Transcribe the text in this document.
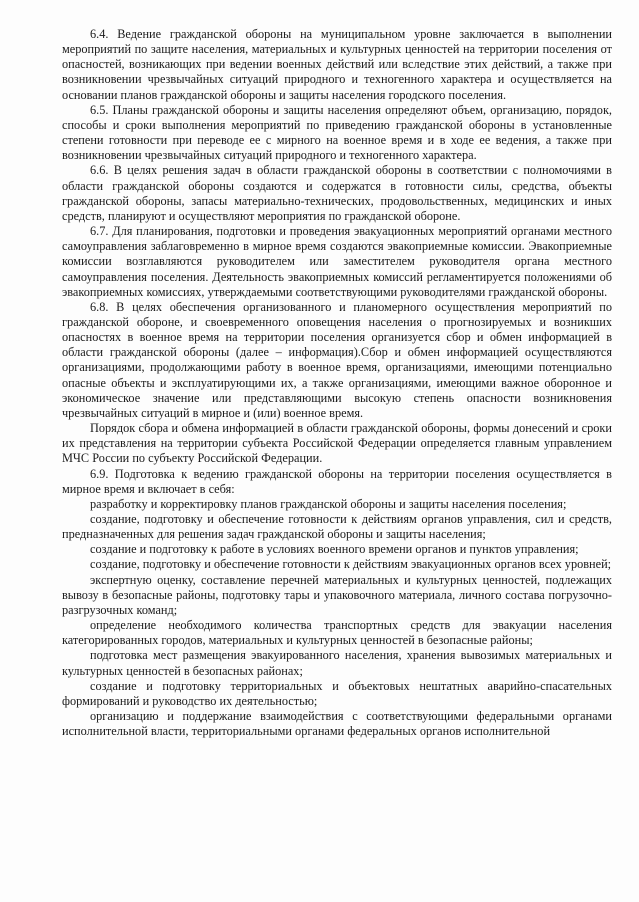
6.4. Ведение гражданской обороны на муниципальном уровне заключается в выполнении мероприятий по защите населения, материальных и культурных ценностей на территории поселения от опасностей, возникающих при ведении военных действий или вследствие этих действий, а также при возникновении чрезвычайных ситуаций природного и техногенного характера и осуществляется на основании планов гражданской обороны и защиты населения городского поселения.

6.5. Планы гражданской обороны и защиты населения определяют объем, организацию, порядок, способы и сроки выполнения мероприятий по приведению гражданской обороны в установленные степени готовности при переводе ее с мирного на военное время и в ходе ее ведения, а также при возникновении чрезвычайных ситуаций природного и техногенного характера.

6.6. В целях решения задач в области гражданской обороны в соответствии с полномочиями в области гражданской обороны создаются и содержатся в готовности силы, средства, объекты гражданской обороны, запасы материально-технических, продовольственных, медицинских и иных средств, планируют и осуществляют мероприятия по гражданской обороне.

6.7. Для планирования, подготовки и проведения эвакуационных мероприятий органами местного самоуправления заблаговременно в мирное время создаются эвакоприемные комиссии. Эвакоприемные комиссии возглавляются руководителем или заместителем руководителя органа местного самоуправления поселения. Деятельность эвакоприемных комиссий регламентируется положениями об эвакоприемных комиссиях, утверждаемыми соответствующими руководителями гражданской обороны.

6.8. В целях обеспечения организованного и планомерного осуществления мероприятий по гражданской обороне, и своевременного оповещения населения о прогнозируемых и возникших опасностях в военное время на территории поселения организуется сбор и обмен информацией в области гражданской обороны (далее – информация).Сбор и обмен информацией осуществляются организациями, продолжающими работу в военное время, организациями, имеющими потенциально опасные объекты и эксплуатирующими их, а также организациями, имеющими важное оборонное и экономическое значение или представляющими высокую степень опасности возникновения чрезвычайных ситуаций в мирное и (или) военное время.

Порядок сбора и обмена информацией в области гражданской обороны, формы донесений и сроки их представления на территории субъекта Российской Федерации определяется главным управлением МЧС России по субъекту Российской Федерации.

6.9. Подготовка к ведению гражданской обороны на территории поселения осуществляется в мирное время и включает в себя:

разработку и корректировку планов гражданской обороны и защиты населения поселения;

создание, подготовку и обеспечение готовности к действиям органов управления, сил и средств, предназначенных для решения задач гражданской обороны и защиты населения;

создание и подготовку к работе в условиях военного времени органов и пунктов управления;

создание, подготовку и обеспечение готовности к действиям эвакуационных органов всех уровней;

экспертную оценку, составление перечней материальных и культурных ценностей, подлежащих вывозу в безопасные районы, подготовку тары и упаковочного материала, личного состава погрузочно-разгрузочных команд;

определение необходимого количества транспортных средств для эвакуации населения категорированных городов, материальных и культурных ценностей в безопасные районы;

подготовка мест размещения эвакуированного населения, хранения вывозимых материальных и культурных ценностей в безопасных районах;

создание и подготовку территориальных и объектовых нештатных аварийно-спасательных формирований и руководство их деятельностью;

организацию и поддержание взаимодействия с соответствующими федеральными органами исполнительной власти, территориальными органами федеральных органов исполнительной
